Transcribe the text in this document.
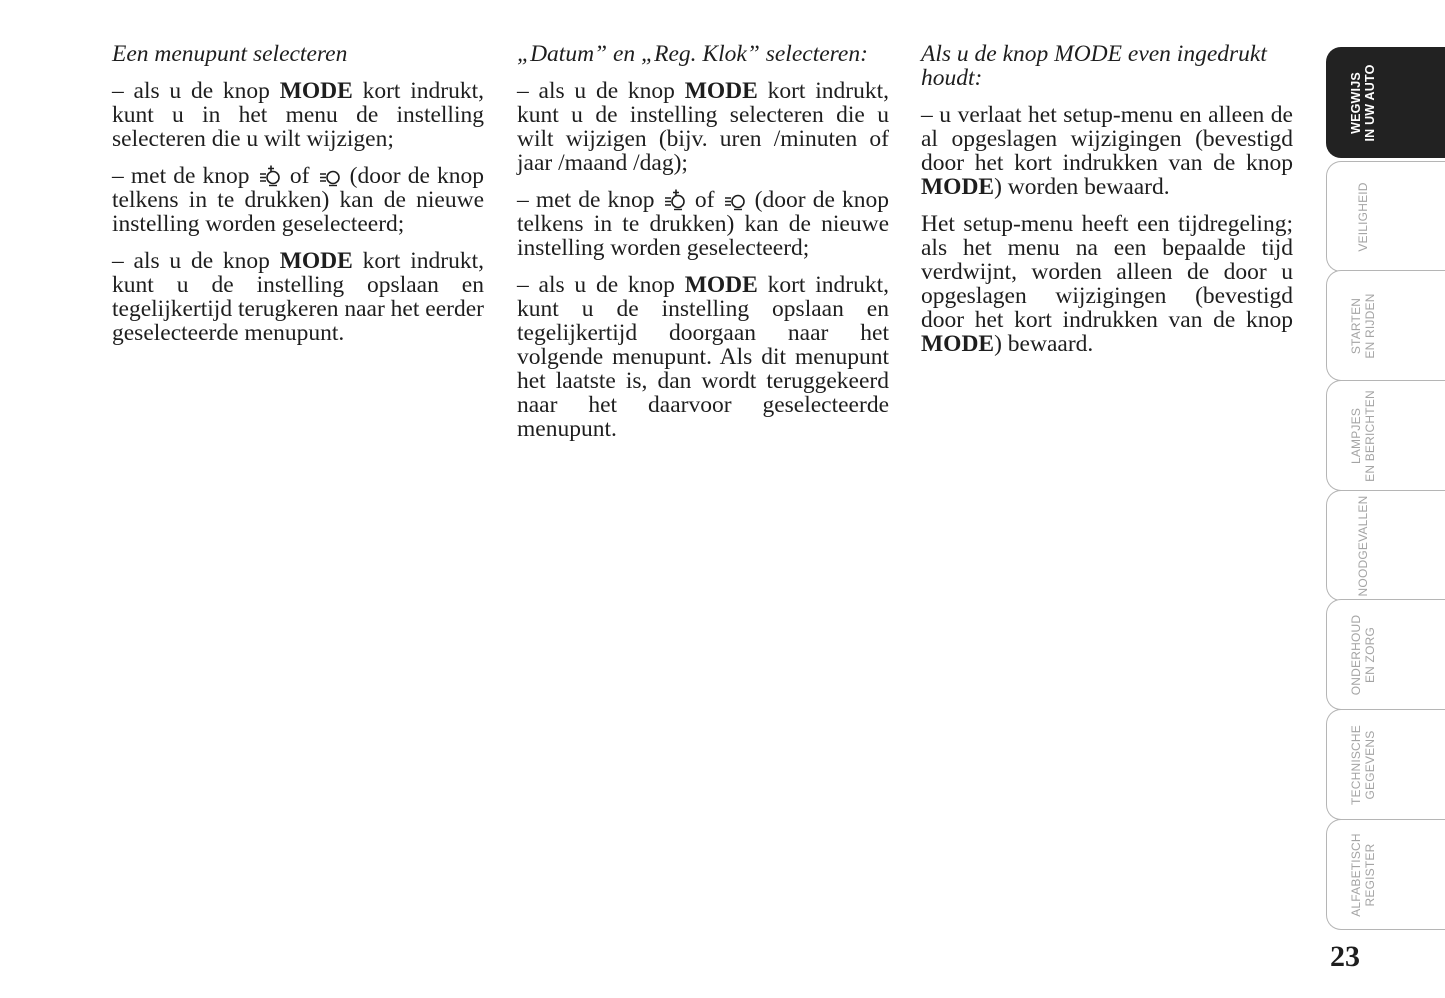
Een menupunt selecteren

– als u de knop MODE kort indrukt, kunt u in het menu de instelling selecteren die u wilt wijzigen;

– met de knop
of
(door de knop telkens in te drukken) kan de nieuwe instelling worden geselecteerd;

– als u de knop MODE kort indrukt, kunt u de instelling opslaan en tegelijkertijd terugkeren naar het eerder geselecteerde menupunt.

„Datum” en „Reg. Klok” selecteren:

– als u de knop MODE kort indrukt, kunt u de instelling selecteren die u wilt wijzigen (bijv. uren /minuten of jaar /maand /dag);

– met de knop
of
(door de knop telkens in te drukken) kan de nieuwe instelling worden geselecteerd;

– als u de knop MODE kort indrukt, kunt u de instelling opslaan en tegelijkertijd doorgaan naar het volgende menupunt. Als dit menupunt het laatste is, dan wordt teruggekeerd naar het daarvoor geselecteerde menupunt.

Als u de knop MODE even ingedrukt houdt:

– u verlaat het setup-menu en alleen de al opgeslagen wijzigingen (bevestigd door het kort indrukken van de knop MODE) worden bewaard.

Het setup-menu heeft een tijdregeling; als het menu na een bepaalde tijd verdwijnt, worden alleen de door u opgeslagen wijzigingen (bevestigd door het kort indrukken van de knop MODE) bewaard.

WEGWIJS
IN UW AUTO
VEILIGHEID
STARTEN
EN RIJDEN
LAMPJES
EN BERICHTEN
NOODGEVALLEN
ONDERHOUD
EN ZORG
TECHNISCHE
GEGEVENS
ALFABETISCH
REGISTER
23
